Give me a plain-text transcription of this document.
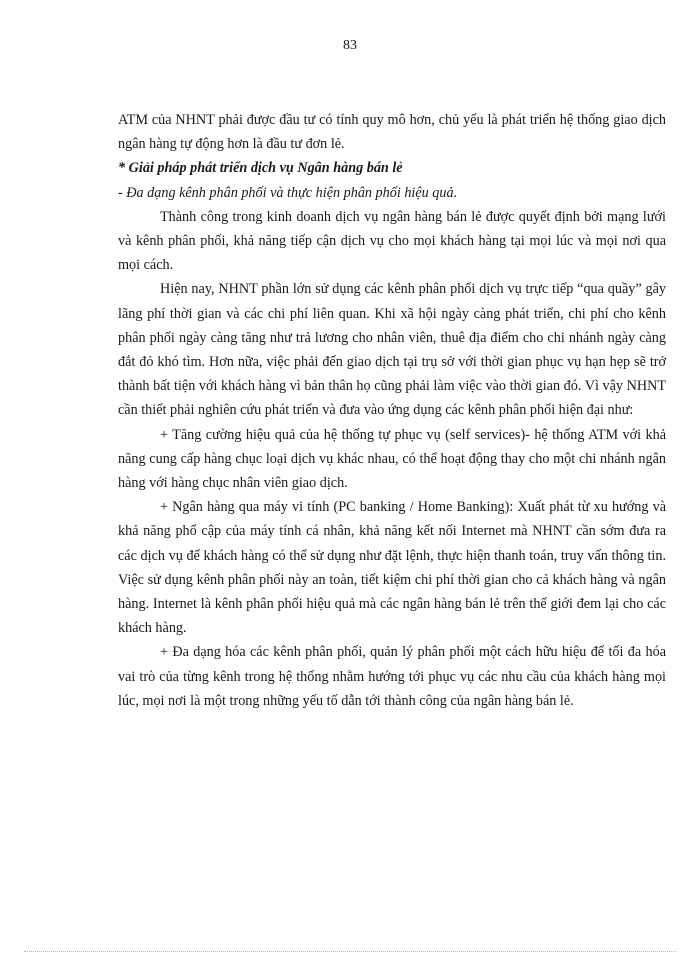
83

ATM của NHNT phải được đầu tư có tính quy mô hơn, chủ yếu là phát triển hệ thống giao dịch ngân hàng tự động hơn là đầu tư đơn lẻ.

* Giải pháp phát triển dịch vụ Ngân hàng bán lẻ

- Đa dạng kênh phân phối và thực hiện phân phối hiệu quả.

Thành công trong kinh doanh dịch vụ ngân hàng bán lẻ được quyết định bởi mạng lưới và kênh phân phối, khả năng tiếp cận dịch vụ cho mọi khách hàng tại mọi lúc và mọi nơi qua mọi cách.

Hiện nay, NHNT phần lớn sử dụng các kênh phân phối dịch vụ trực tiếp “qua quầy” gây lãng phí thời gian và các chi phí liên quan. Khi xã hội ngày càng phát triển, chi phí cho kênh phân phối ngày càng tăng như trả lương cho nhân viên, thuê địa điểm cho chi nhánh ngày càng đắt đỏ khó tìm. Hơn nữa, việc phải đến giao dịch tại trụ sở với thời gian phục vụ hạn hẹp sẽ trở thành bất tiện với khách hàng vì bản thân họ cũng phải làm việc vào thời gian đó. Vì vậy NHNT cần thiết phải nghiên cứu phát triển và đưa vào ứng dụng các kênh phân phối hiện đại như:

+ Tăng cường hiệu quả của hệ thống tự phục vụ (self services)- hệ thống ATM với khả năng cung cấp hàng chục loại dịch vụ khác nhau, có thể hoạt động thay cho một chi nhánh ngân hàng với hàng chục nhân viên giao dịch.

+ Ngân hàng qua máy vi tính (PC banking / Home Banking): Xuất phát từ xu hướng và khả năng phổ cập của máy tính cá nhân, khả năng kết nối Internet mà NHNT cần sớm đưa ra các dịch vụ để khách hàng có thể sử dụng như đặt lệnh, thực hiện thanh toán, truy vấn thông tin. Việc sử dụng kênh phân phối này an toàn, tiết kiệm chi phí thời gian cho cả khách hàng và ngân hàng. Internet là kênh phân phối hiệu quả mà các ngân hàng bán lẻ trên thế giới đem lại cho các khách hàng.

+ Đa dạng hóa các kênh phân phối, quản lý phân phối một cách hữu hiệu để tối đa hóa vai trò của từng kênh trong hệ thống nhằm hướng tới phục vụ các nhu cầu của khách hàng mọi lúc, mọi nơi là một trong những yếu tố dẫn tới thành công của ngân hàng bán lẻ.
